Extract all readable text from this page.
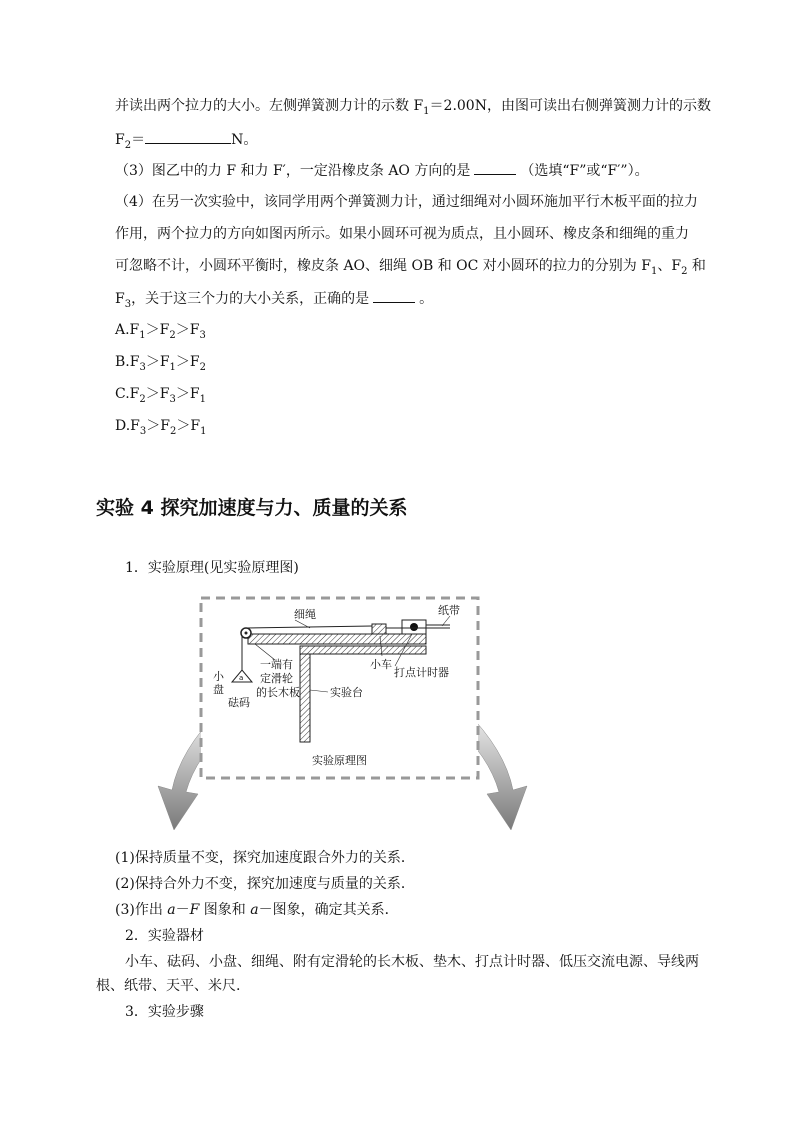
并读出两个拉力的大小。左侧弹簧测力计的示数 $F_1=2.00N$，由图可读出右侧弹簧测力计的示数
$F_2=$	N。
（3）图乙中的力 F 和力 F′，一定沿橡皮条 AO 方向的是	（选填“F”或“F′”）。
（4）在另一次实验中，该同学用两个弹簧测力计，通过细绳对小圆环施加平行木板平面的拉力
作用，两个拉力的方向如图丙所示。如果小圆环可视为质点，且小圆环、橡皮条和细绳的重力
可忽略不计，小圆环平衡时，橡皮条 AO、细绳 OB 和 OC 对小圆环的拉力的分别为 $F_1$、$F_2$ 和
$F_3$，关于这三个力的大小关系，正确的是	。
$A.F_1>F_2>F_3$
$B.F_3>F_1>F_2$
$C.F_2>F_3>F_1$
$D.F_3>F_2>F_1$
实验 4 探究加速度与力、质量的关系
1．实验原理(见实验原理图)
a
细绳	纸带
小车
打点计时器
小
盘
砝码
一端有
定滑轮
的长木板	实验台
实验原理图
(1)保持质量不变，探究加速度跟合外力的关系．
(2)保持合外力不变，探究加速度与质量的关系．
(3)作出 a－F 图象和 a－图象，确定其关系．
2．实验器材
小车、砝码、小盘、细绳、附有定滑轮的长木板、垫木、打点计时器、低压交流电源、导线两
根、纸带、天平、米尺.
3．实验步骤
